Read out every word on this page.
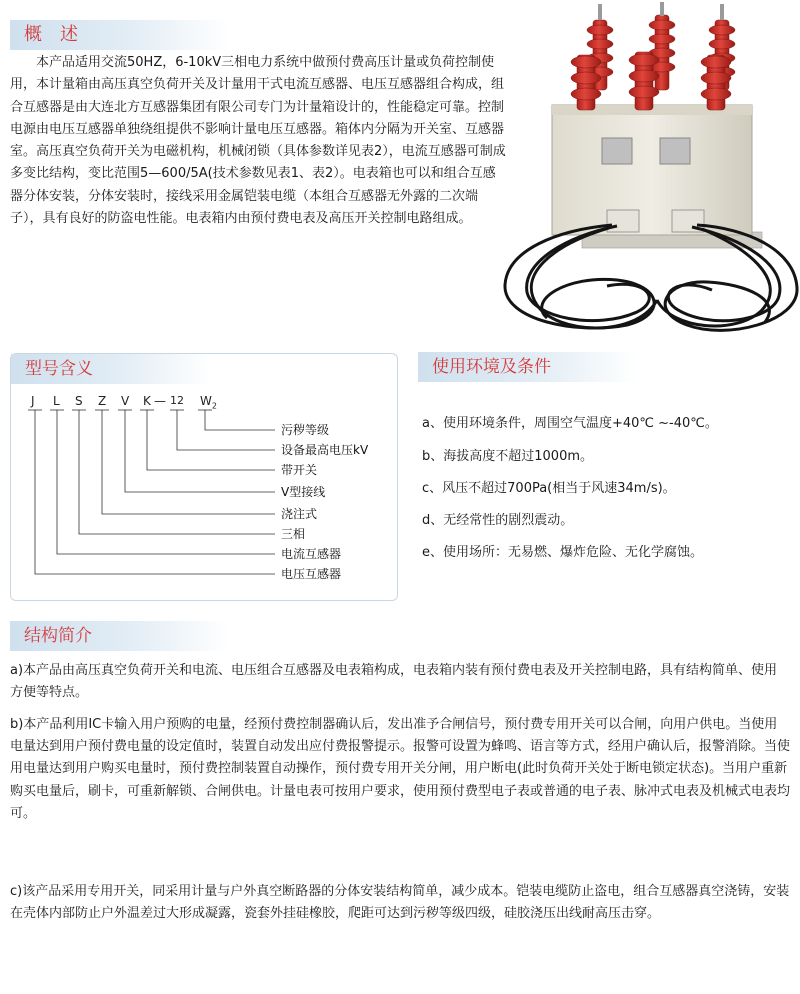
概　述

本产品适用交流50HZ，6-10kV三相电力系统中做预付费高压计量或负荷控制使用，本计量箱由高压真空负荷开关及计量用干式电流互感器、电压互感器组合构成，组合互感器是由大连北方互感器集团有限公司专门为计量箱设计的，性能稳定可靠。控制电源由电压互感器单独绕组提供不影响计量电压互感器。箱体内分隔为开关室、互感器室。高压真空负荷开关为电磁机构，机械闭锁（具体参数详见表2），电流互感器可制成多变比结构，变比范围5—600/5A(技术参数见表1、表2）。电表箱也可以和组合互感器分体安装，分体安装时，接线采用金属铠装电缆（本组合互感器无外露的二次端子），具有良好的防盗电性能。电表箱内由预付费电表及高压开关控制电路组成。

型号含义
J L S Z V K — 12 $W_2$
污秽等级
设备最高电压kV
带开关
V型接线
浇注式
三相
电流互感器
电压互感器
使用环境及条件
a、使用环境条件，周围空气温度+40℃ ~-40℃。
b、海拔高度不超过1000m。
c、风压不超过700Pa(相当于风速34m/s)。
d、无经常性的剧烈震动。
e、使用场所：无易燃、爆炸危险、无化学腐蚀。
结构简介

a)本产品由高压真空负荷开关和电流、电压组合互感器及电表箱构成，电表箱内装有预付费电表及开关控制电路，具有结构简单、使用方便等特点。

b)本产品利用IC卡输入用户预购的电量，经预付费控制器确认后，发出准予合闸信号，预付费专用开关可以合闸，向用户供电。当使用电量达到用户预付费电量的设定值时，装置自动发出应付费报警提示。报警可设置为蜂鸣、语言等方式，经用户确认后，报警消除。当使用电量达到用户购买电量时，预付费控制装置自动操作，预付费专用开关分闸，用户断电(此时负荷开关处于断电锁定状态)。当用户重新购买电量后，刷卡，可重新解锁、合闸供电。计量电表可按用户要求，使用预付费型电子表或普通的电子表、脉冲式电表及机械式电表均可。

c)该产品采用专用开关，同采用计量与户外真空断路器的分体安装结构简单，减少成本。铠装电缆防止盗电，组合互感器真空浇铸，安装在壳体内部防止户外温差过大形成凝露，瓷套外挂硅橡胶，爬距可达到污秽等级四级，硅胶浇压出线耐高压击穿。
